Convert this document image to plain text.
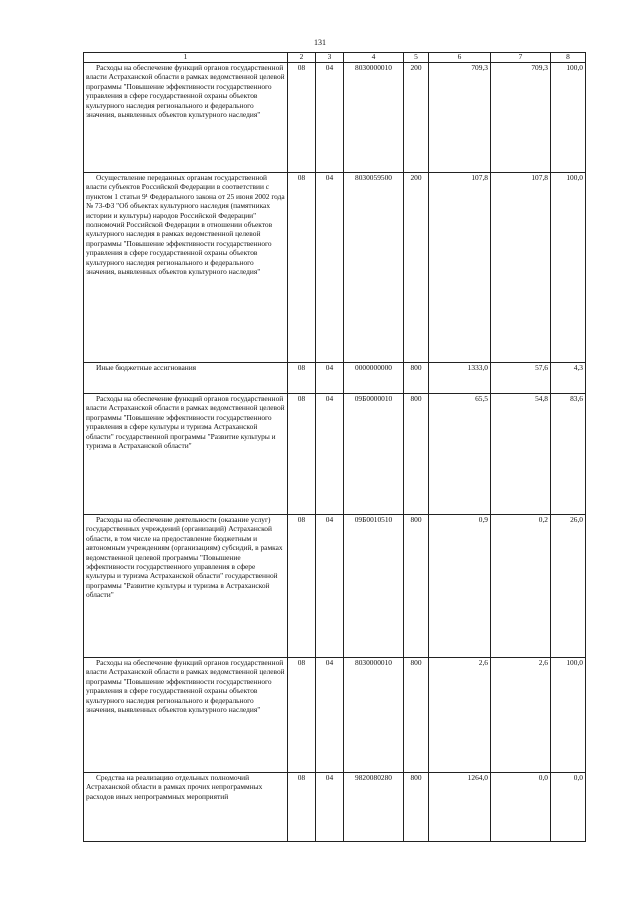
131
1	2	3	4	5	6	7	8
Расходы на обеспечение функций органов государственной власти Астраханской области в рамках ведомственной целевой программы "Повышение эффективности государственного управления в сфере государственной охраны объектов культурного наследия регионального и федерального значения, выявленных объектов культурного наследия"	08	04	8030000010	200	709,3	709,3	100,0
Осуществление переданных органам государственной власти субъектов Российской Федерации в соответствии с пунктом 1 статьи 9¹ Федерального закона от 25 июня 2002 года № 73-ФЗ "Об объектах культурного наследия (памятниках истории и культуры) народов Российской Федерации" полномочий Российской Федерации в отношении объектов культурного наследия в рамках ведомственной целевой программы "Повышение эффективности государственного управления в сфере государственной охраны объектов культурного наследия регионального и федерального значения, выявленных объектов культурного наследия"	08	04	8030059500	200	107,8	107,8	100,0
Иные бюджетные ассигнования	08	04	0000000000	800	1333,0	57,6	4,3
Расходы на обеспечение функций органов государственной власти Астраханской области в рамках ведомственной целевой программы "Повышение эффективности государственного управления в сфере культуры и туризма Астраханской области" государственной программы "Развитие культуры и туризма в Астраханской области"	08	04	09Б0000010	800	65,5	54,8	83,6
Расходы на обеспечение деятельности (оказание услуг) государственных учреждений (организаций) Астраханской области, в том числе на предоставление бюджетным и автономным учреждениям (организациям) субсидий, в рамках ведомственной целевой программы "Повышение эффективности государственного управления в сфере культуры и туризма Астраханской области" государственной программы "Развитие культуры и туризма в Астраханской области"	08	04	09Б0010510	800	0,9	0,2	26,0
Расходы на обеспечение функций органов государственной власти Астраханской области в рамках ведомственной целевой программы "Повышение эффективности государственного управления в сфере государственной охраны объектов культурного наследия регионального и федерального значения, выявленных объектов культурного наследия"	08	04	8030000010	800	2,6	2,6	100,0
Средства на реализацию отдельных полномочий Астраханской области в рамках прочих непрограммных расходов иных непрограммных мероприятий	08	04	9820080280	800	1264,0	0,0	0,0
